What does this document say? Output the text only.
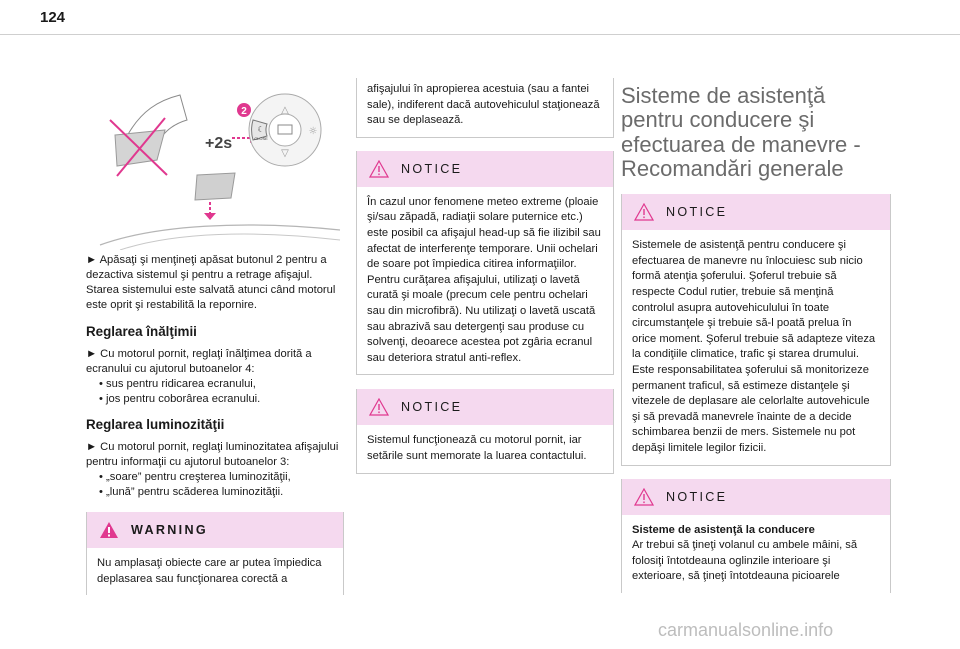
124
+2s
△
▽
☼
☾
CLOSE
2

► Apăsaţi şi menţineţi apăsat butonul 2 pentru a dezactiva sistemul şi pentru a retrage afişajul. Starea sistemului este salvată atunci când motorul este oprit şi restabilită la repornire.

Reglarea înălţimii

► Cu motorul pornit, reglaţi înălţimea dorită a ecranului cu ajutorul butoanelor 4:

• sus pentru ridicarea ecranului,

• jos pentru coborârea ecranului.

Reglarea luminozităţii

► Cu motorul pornit, reglaţi luminozitatea afişajului pentru informaţii cu ajutorul butoanelor 3:

• „soare” pentru creşterea luminozităţii,

• „lună” pentru scăderea luminozităţii.

WARNING
Nu amplasaţi obiecte care ar putea împiedica deplasarea sau funcţionarea corectă a
afişajului în apropierea acestuia (sau a fantei sale), indiferent dacă autovehiculul staţionează sau se deplasează.
NOTICE
În cazul unor fenomene meteo extreme (ploaie şi/sau zăpadă, radiaţii solare puternice etc.) este posibil ca afişajul head-up să fie ilizibil sau afectat de interferenţe temporare. Unii ochelari de soare pot împiedica citirea informaţiilor. Pentru curăţarea afişajului, utilizaţi o lavetă curată şi moale (precum cele pentru ochelari sau din microfibră). Nu utilizaţi o lavetă uscată sau abrazivă sau detergenţi sau produse cu solvenţi, deoarece acestea pot zgâria ecranul sau deteriora stratul anti-reflex.
NOTICE
Sistemul funcţionează cu motorul pornit, iar setările sunt memorate la luarea contactului.
Sisteme de asistenţă pentru conducere şi efectuarea de manevre - Recomandări generale
NOTICE
Sistemele de asistenţă pentru conducere şi efectuarea de manevre nu înlocuiesc sub nicio formă atenţia şoferului. Şoferul trebuie să respecte Codul rutier, trebuie să menţină controlul asupra autovehiculului în toate circumstanţele şi trebuie să-l poată prelua în orice moment. Şoferul trebuie să adapteze viteza la condiţiile climatice, trafic şi starea drumului. Este responsabilitatea şoferului să monitorizeze permanent traficul, să estimeze distanţele şi vitezele de deplasare ale celorlalte autovehicule şi să prevadă manevrele înainte de a decide schimbarea benzii de mers. Sistemele nu pot depăşi limitele legilor fizicii.
NOTICE
Sisteme de asistenţă la conducere
Ar trebui să ţineţi volanul cu ambele mâini, să folosiţi întotdeauna oglinzile interioare şi exterioare, să ţineţi întotdeauna picioarele
carmanualsonline.info
